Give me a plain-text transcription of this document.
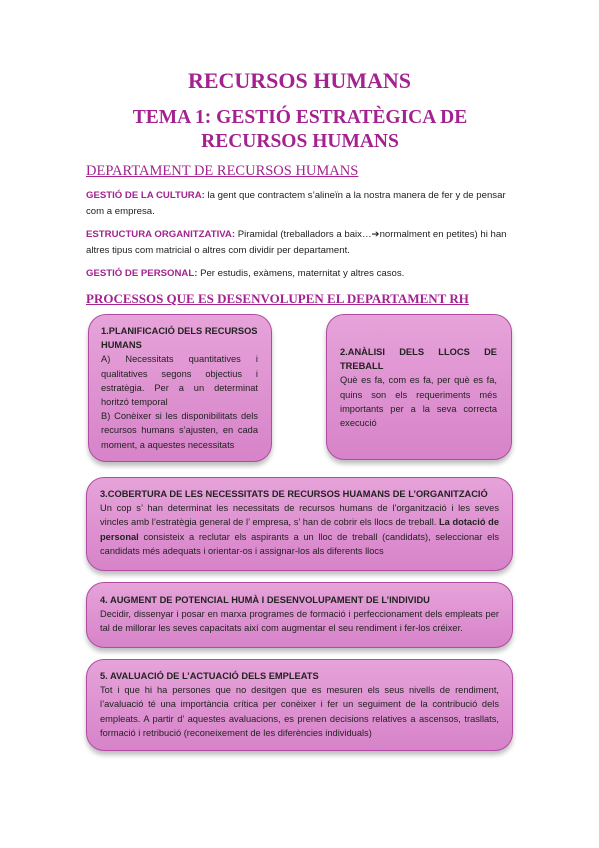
RECURSOS HUMANS
TEMA 1: GESTIÓ ESTRATÈGICA DE RECURSOS HUMANS
DEPARTAMENT DE RECURSOS HUMANS
GESTIÓ DE LA CULTURA: la gent que contractem s’alineïn a la nostra manera de fer y de pensar com a empresa.
ESTRUCTURA ORGANITZATIVA: Piramidal (treballadors a baix…➔normalment en petites) hi han altres tipus com matricial o altres com dividir per departament.
GESTIÓ DE PERSONAL: Per estudis, exàmens, maternitat y altres casos.
PROCESSOS QUE ES DESENVOLUPEN EL DEPARTAMENT RH
1.PLANIFICACIÓ DELS RECURSOS HUMANS
A) Necessitats quantitatives i qualitatives segons objectius i estratègia. Per a un determinat horitzó temporal
B) Conèixer si les disponibilitats dels recursos humans s’ajusten, en cada moment, a aquestes necessitats
2.ANÀLISI DELS LLOCS DE TREBALL
Què es fa, com es fa, per què es fa, quins son els requeriments més importants per a la seva correcta execució
3.COBERTURA DE LES NECESSITATS DE RECURSOS HUAMANS DE L’ORGANITZACIÓ
Un cop s’ han determinat les necessitats de recursos humans de l’organització i les seves vincles amb l’estratègia general de l’ empresa, s’ han de cobrir els llocs de treball. La dotació de personal consisteix a reclutar els aspirants a un lloc de treball (candidats), seleccionar els candidats més adequats i orientar-os i assignar-los als diferents llocs
4. AUGMENT DE POTENCIAL HUMÀ I DESENVOLUPAMENT DE L’INDIVIDU
Decidir, dissenyar i posar en marxa programes de formació i perfeccionament dels empleats per tal de millorar les seves capacitats així com augmentar el seu rendiment i fer-los créixer.
5. AVALUACIÓ DE L’ACTUACIÓ DELS EMPLEATS
Tot i que hi ha persones que no desitgen que es mesuren els seus nivells de rendiment, l’avaluació té una importància crítica per conèixer i fer un seguiment de la contribució dels empleats. A partir d’ aquestes avaluacions, es prenen decisions relatives a ascensos, trasllats, formació i retribució (reconeixement de les diferències individuals)
